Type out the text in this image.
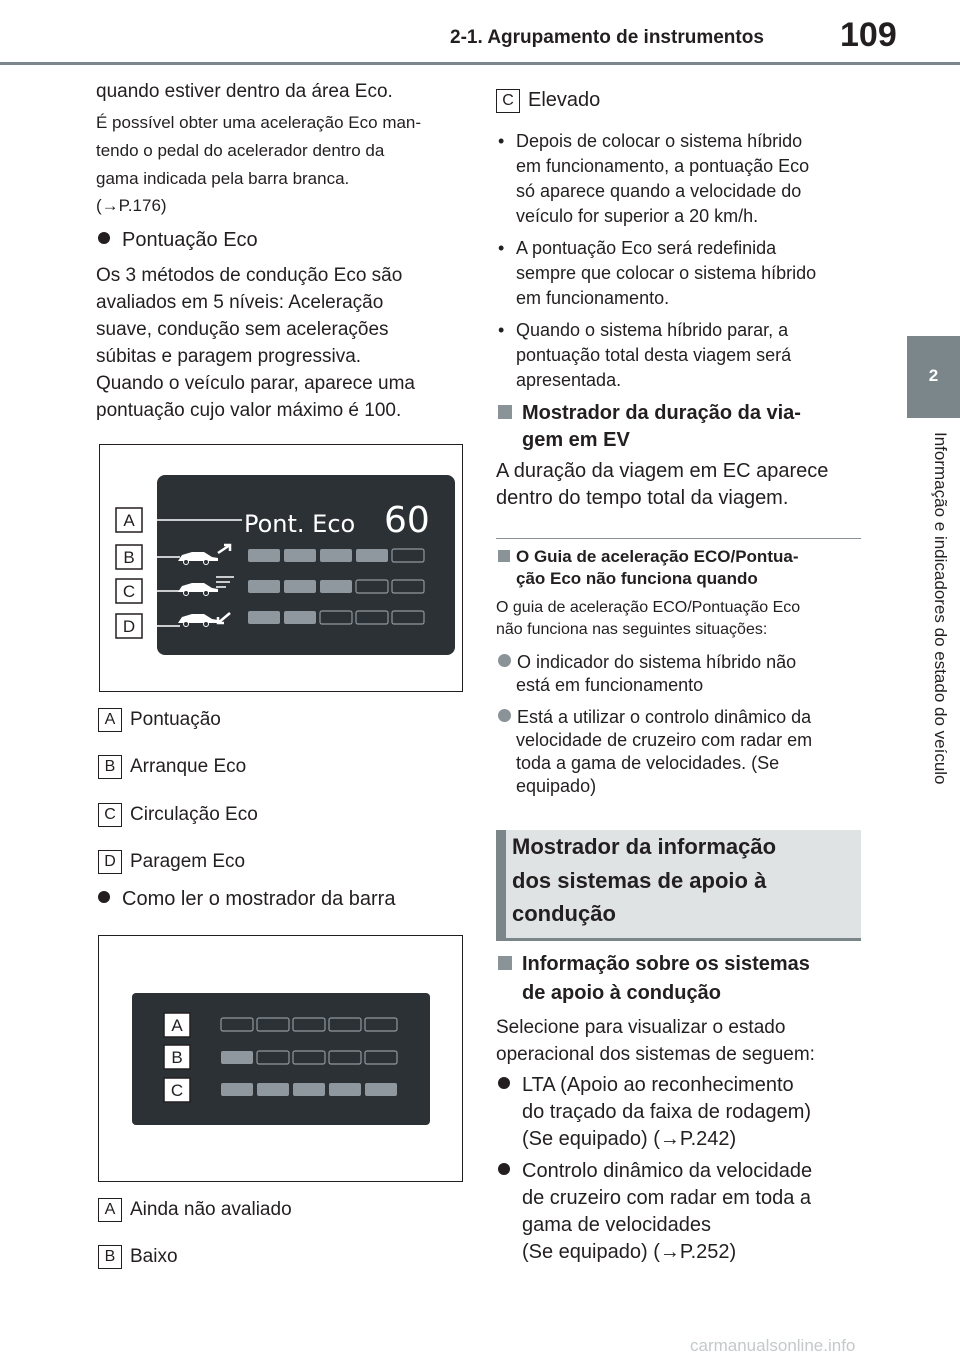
2-1. Agrupamento de instrumentos 109
2
Informação e indicadores do estado do veículo
quando estiver dentro da área Eco.
É possível obter uma aceleração Eco man-
tendo o pedal do acelerador dentro da
gama indicada pela barra branca.
(→P.176)
Pontuação Eco
Os 3 métodos de condução Eco são
avaliados em 5 níveis: Aceleração
suave, condução sem acelerações
súbitas e paragem progressiva.
Quando o veículo parar, aparece uma
pontuação cujo valor máximo é 100.
Pont. Eco 60
A
B
C
D
A Pontuação
B Arranque Eco
C Circulação Eco
D Paragem Eco
Como ler o mostrador da barra
A
B
C
A Ainda não avaliado
B Baixo
C Elevado
• Depois de colocar o sistema híbrido
em funcionamento, a pontuação Eco
só aparece quando a velocidade do
veículo for superior a 20 km/h.
• A pontuação Eco será redefinida
sempre que colocar o sistema híbrido
em funcionamento.
• Quando o sistema híbrido parar, a
pontuação total desta viagem será
apresentada.
Mostrador da duração da via-
gem em EV
A duração da viagem em EC aparece
dentro do tempo total da viagem.
O Guia de aceleração ECO/Pontua-
ção Eco não funciona quando
O guia de aceleração ECO/Pontuação Eco
não funciona nas seguintes situações:
O indicador do sistema híbrido não
está em funcionamento
Está a utilizar o controlo dinâmico da
velocidade de cruzeiro com radar em
toda a gama de velocidades. (Se
equipado)
Mostrador da informação
dos sistemas de apoio à
condução
Informação sobre os sistemas
de apoio à condução
Selecione para visualizar o estado
operacional dos sistemas de seguem:
LTA (Apoio ao reconhecimento
do traçado da faixa de rodagem)
(Se equipado) (→P.242)
Controlo dinâmico da velocidade
de cruzeiro com radar em toda a
gama de velocidades
(Se equipado) (→P.252)
carmanualsonline.info
